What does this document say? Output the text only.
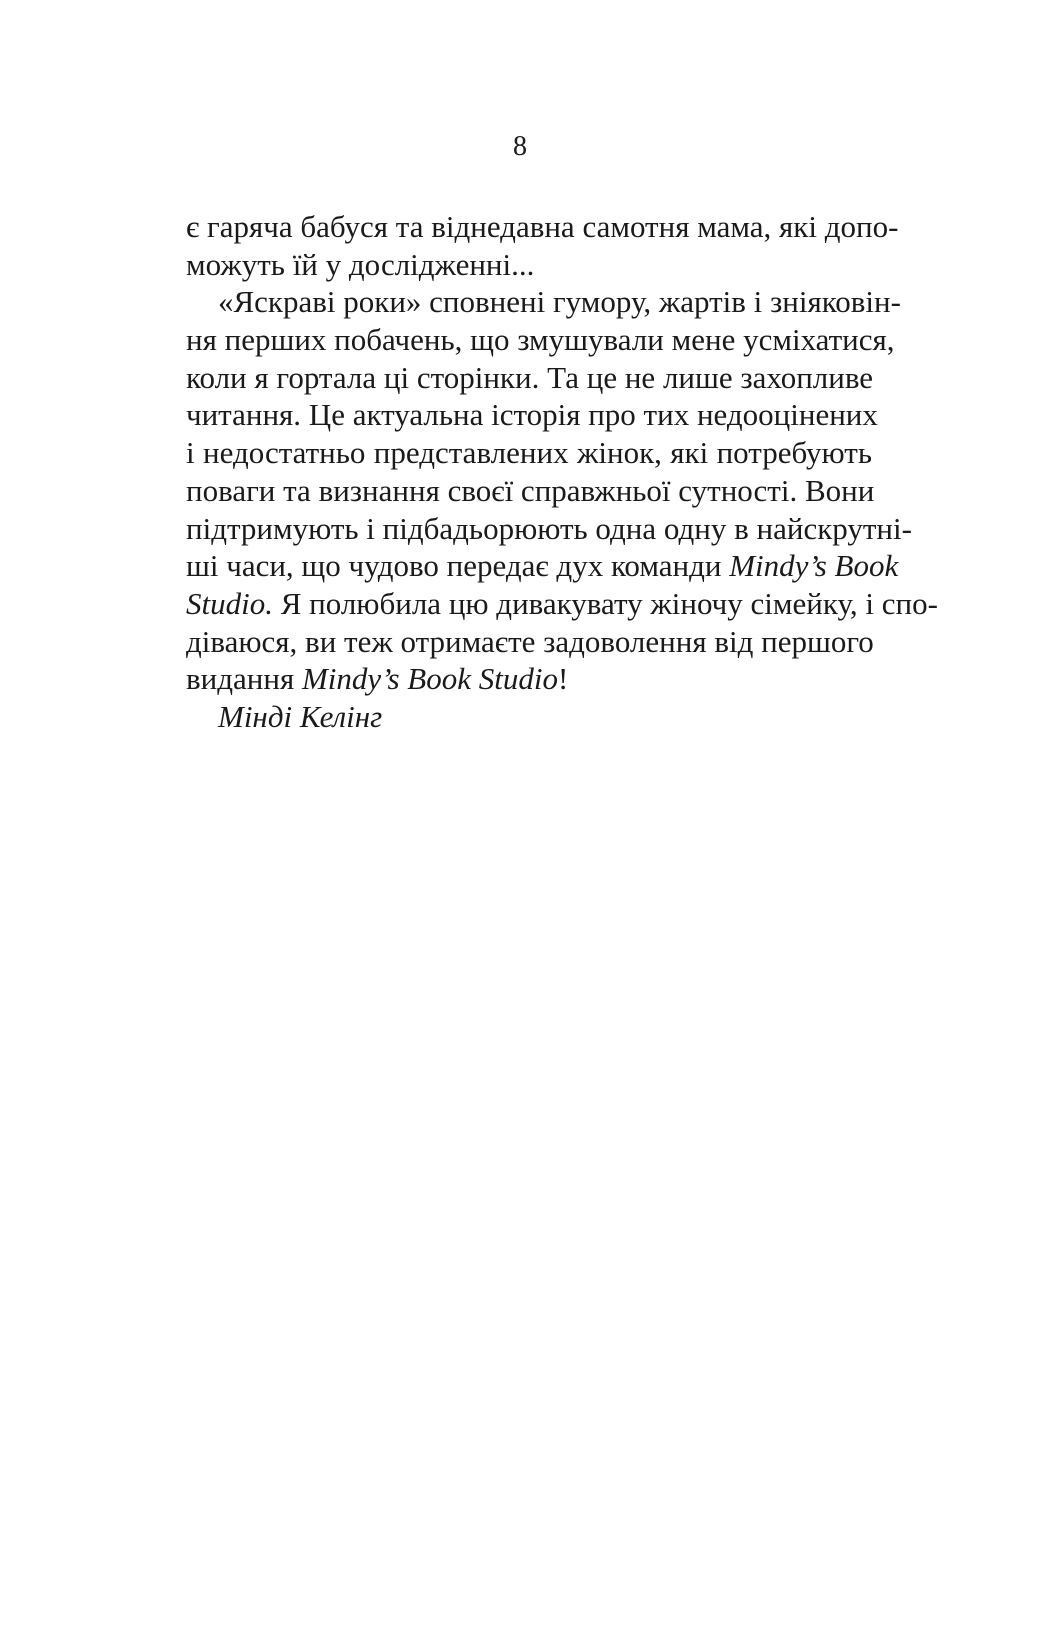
8
є гаряча бабуся та віднедавна самотня мама, які допо-
можуть їй у дослідженні...
«Яскраві роки» сповнені гумору, жартів і зніяковін-
ня перших побачень, що змушували мене усміхатися,
коли я гортала ці сторінки. Та це не лише захопливе
читання. Це актуальна історія про тих недооцінених
і недостатньо представлених жінок, які потребують
поваги та визнання своєї справжньої сутності. Вони
підтримують і підбадьорюють одна одну в найскрутні-
ші часи, що чудово передає дух команди Mindy’s Book
Studio. Я полюбила цю дивакувату жіночу сімейку, і спо-
діваюся, ви теж отримаєте задоволення від першого
видання Mindy’s Book Studio!
Мінді Келінг
